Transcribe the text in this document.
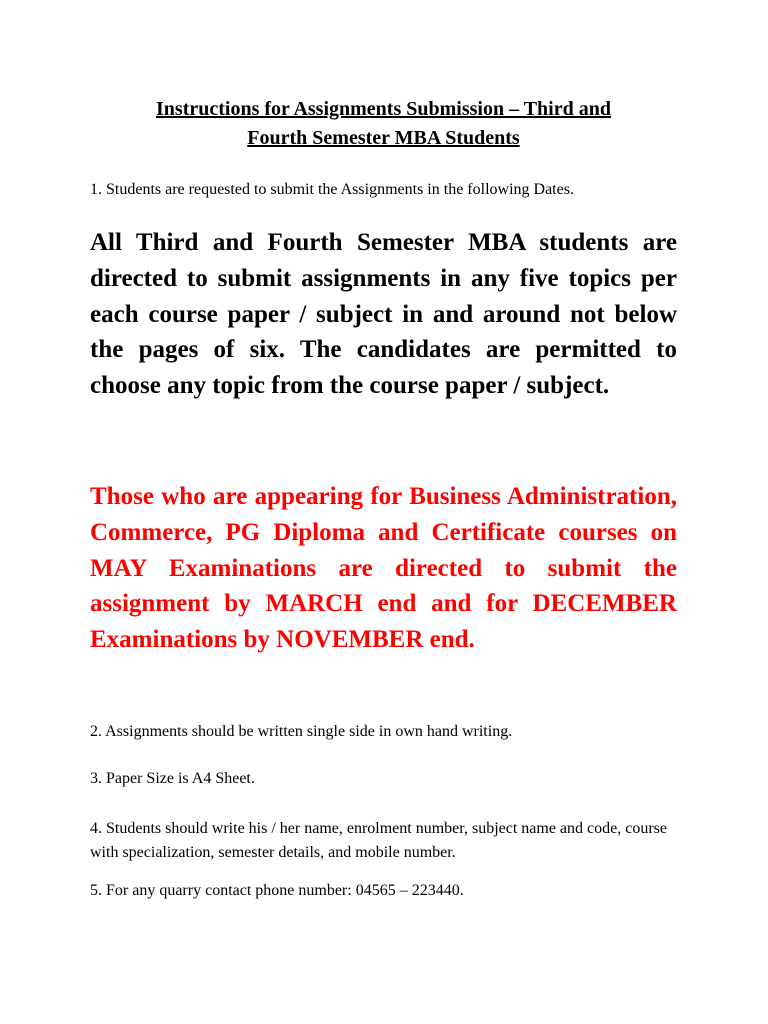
Instructions for Assignments Submission – Third and
Fourth Semester MBA Students

1. Students are requested to submit the Assignments in the following Dates.

All Third and Fourth Semester MBA students are directed to submit assignments in any five topics per each course paper / subject in and around not below the pages of six. The candidates are permitted to choose any topic from the course paper / subject.

Those who are appearing for Business Administration, Commerce, PG Diploma and Certificate courses on MAY Examinations are directed to submit the assignment by MARCH end and for DECEMBER Examinations by NOVEMBER end.

2. Assignments should be written single side in own hand writing.

3. Paper Size is A4 Sheet.

4. Students should write his / her name, enrolment number, subject name and code, course with specialization, semester details, and mobile number.

5. For any quarry contact phone number: 04565 – 223440.
